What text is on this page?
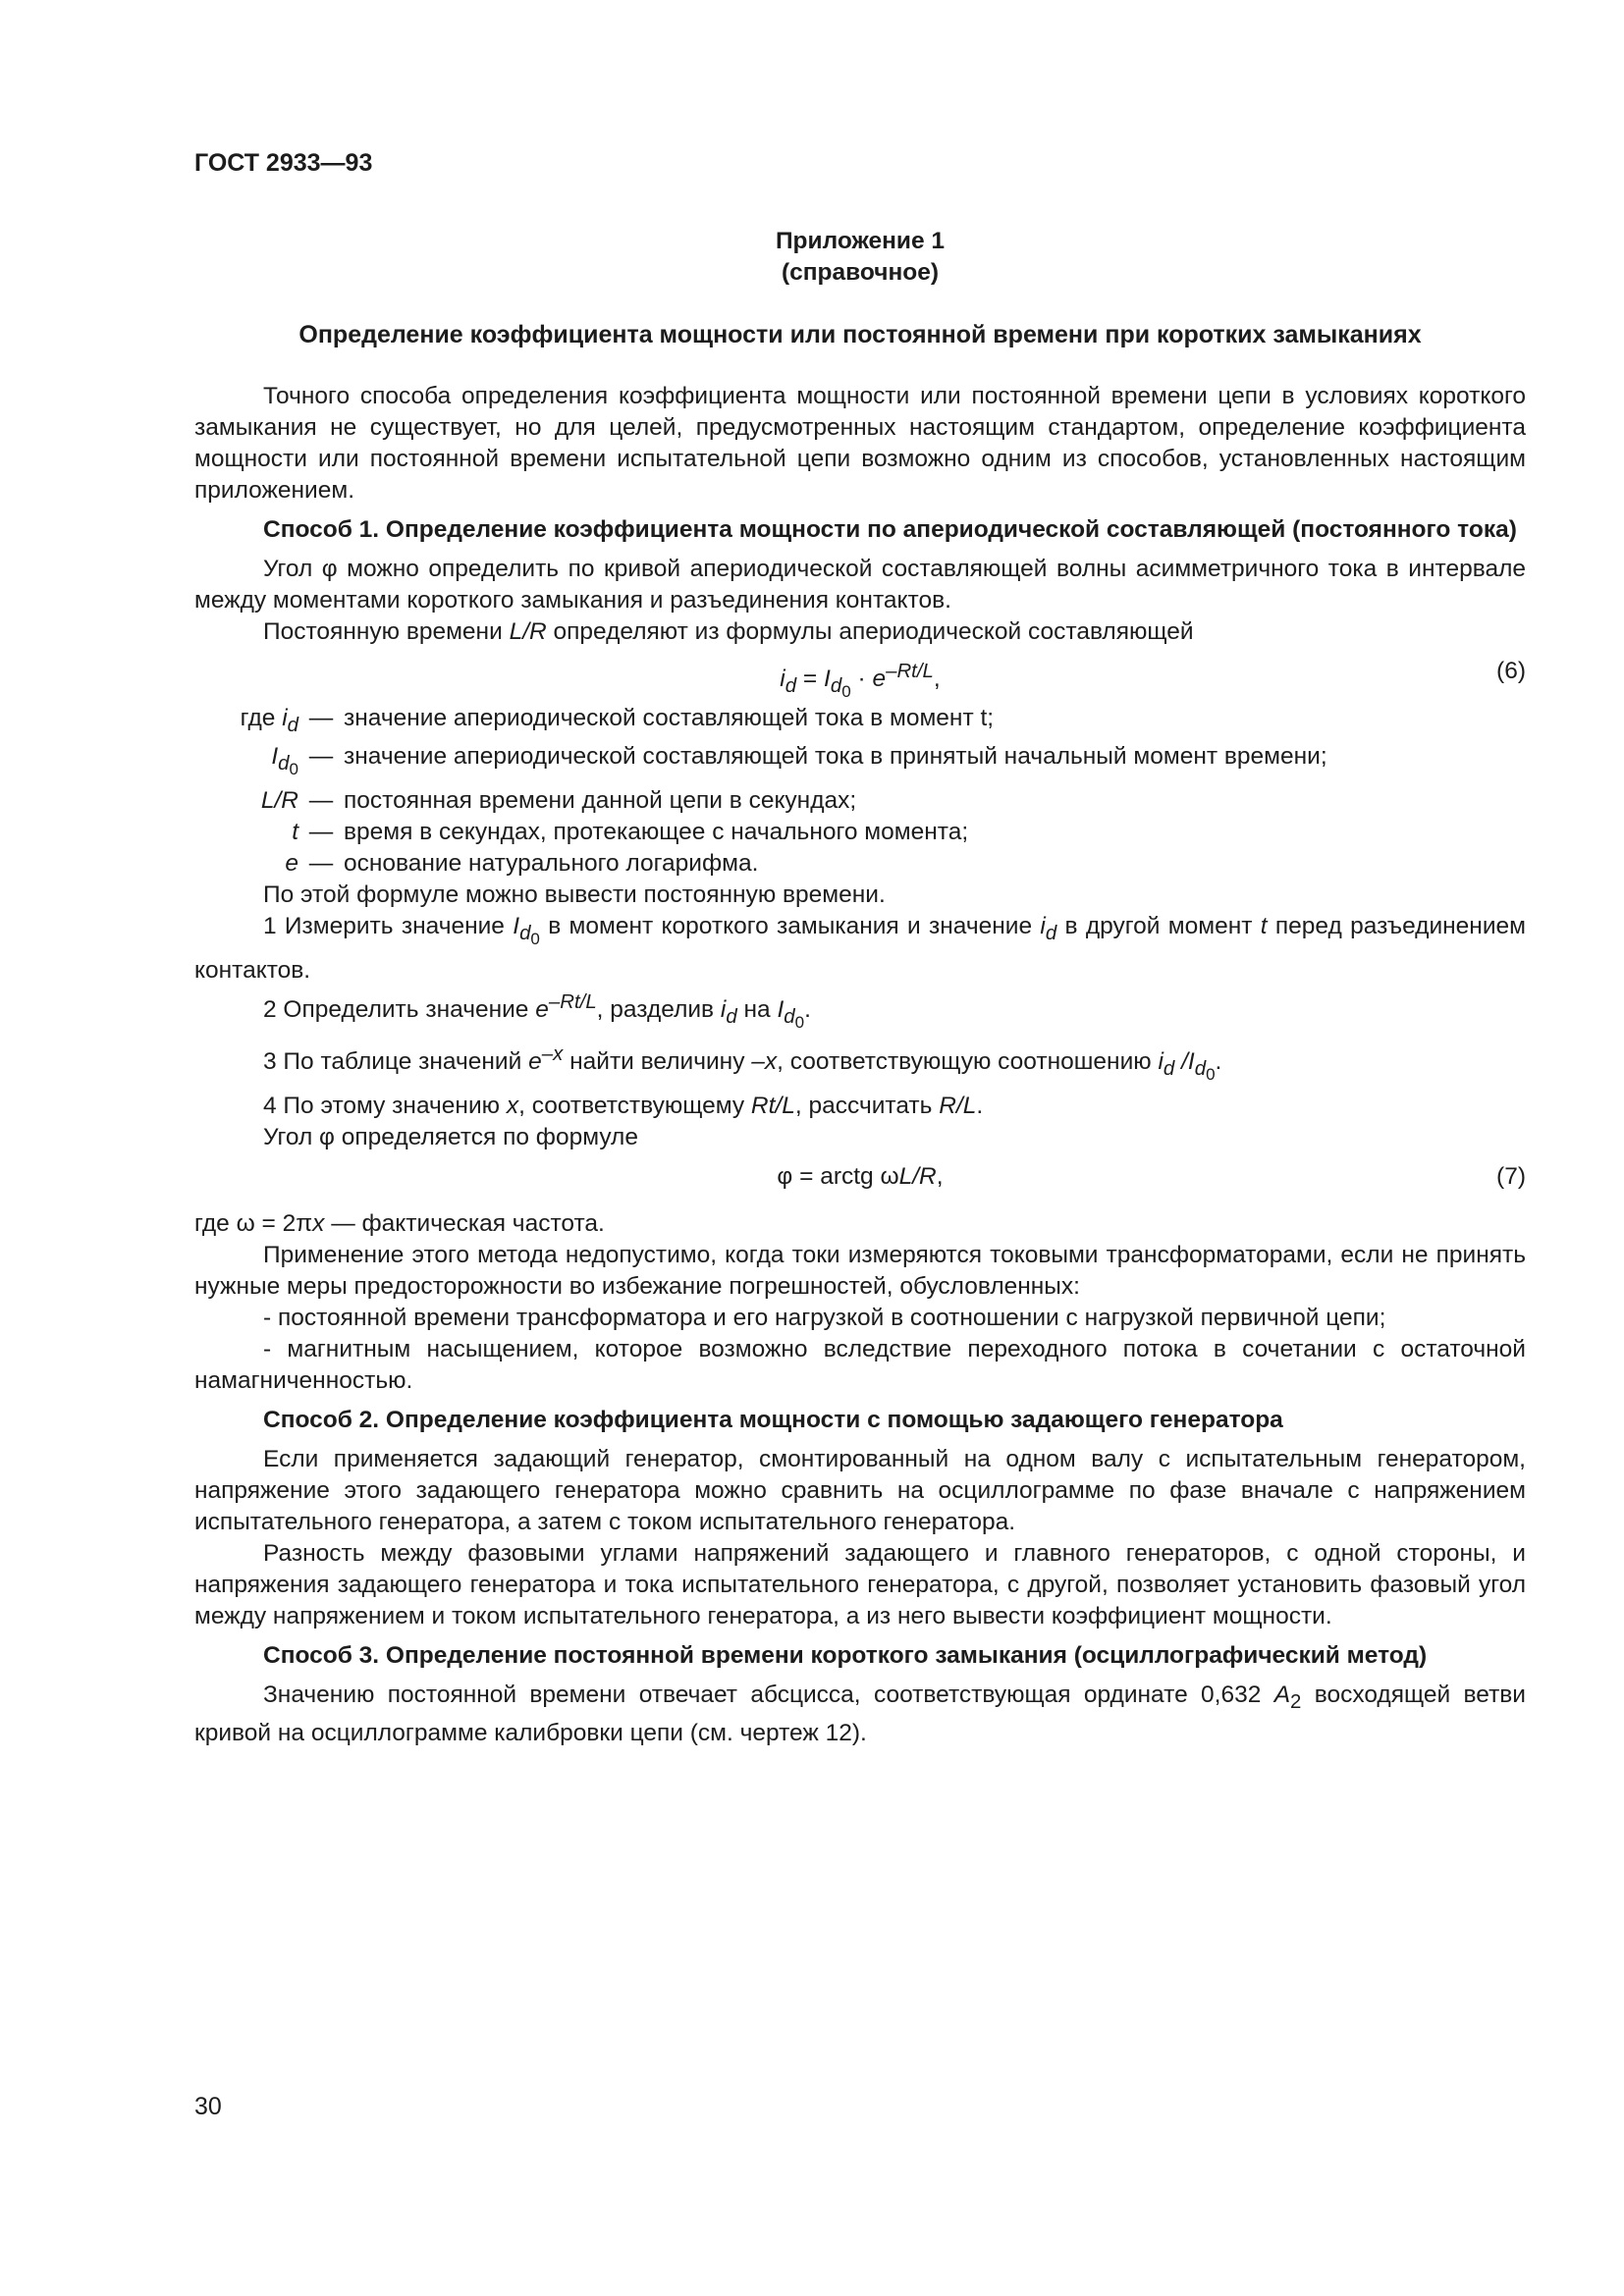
ГОСТ 2933—93
Приложение 1
(справочное)
Определение коэффициента мощности или постоянной времени при коротких замыканиях

Точного способа определения коэффициента мощности или постоянной времени цепи в условиях короткого замыкания не существует, но для целей, предусмотренных настоящим стандартом, определение коэффициента мощности или постоянной времени испытательной цепи возможно одним из способов, установленных настоящим приложением.

Способ 1. Определение коэффициента мощности по апериодической составляющей (постоянного тока)

Угол φ можно определить по кривой апериодической составляющей волны асимметричного тока в интервале между моментами короткого замыкания и разъединения контактов.

Постоянную времени L/R определяют из формулы апериодической составляющей

$i_d = I_{d_0} \cdot e^{-Rt/L}$,	(6)
где $i_d$ — значение апериодической составляющей тока в момент t;
$I_{d_0}$ — значение апериодической составляющей тока в принятый начальный момент времени;
L/R — постоянная времени данной цепи в секундах;
t — время в секундах, протекающее с начального момента;
e — основание натурального логарифма.

По этой формуле можно вывести постоянную времени.

1 Измерить значение $I_{d_0}$ в момент короткого замыкания и значение $i_d$ в другой момент t перед разъединением контактов.

2 Определить значение $e^{-Rt/L}$, разделив $i_d$ на $I_{d_0}$.

3 По таблице значений $e^{-x}$ найти величину –x, соответствующую соотношению $i_d$ $/I_{d_0}$.

4 По этому значению x, соответствующему Rt/L, рассчитать R/L.

Угол φ определяется по формуле

φ = arctg ωL/R,	(7)

где ω = 2πx — фактическая частота.

Применение этого метода недопустимо, когда токи измеряются токовыми трансформаторами, если не принять нужные меры предосторожности во избежание погрешностей, обусловленных:

- постоянной времени трансформатора и его нагрузкой в соотношении с нагрузкой первичной цепи;

- магнитным насыщением, которое возможно вследствие переходного потока в сочетании с остаточной намагниченностью.

Способ 2. Определение коэффициента мощности с помощью задающего генератора

Если применяется задающий генератор, смонтированный на одном валу с испытательным генератором, напряжение этого задающего генератора можно сравнить на осциллограмме по фазе вначале с напряжением испытательного генератора, а затем с током испытательного генератора.

Разность между фазовыми углами напряжений задающего и главного генераторов, с одной стороны, и напряжения задающего генератора и тока испытательного генератора, с другой, позволяет установить фазовый угол между напряжением и током испытательного генератора, а из него вывести коэффициент мощности.

Способ 3. Определение постоянной времени короткого замыкания (осциллографический метод)

Значению постоянной времени отвечает абсцисса, соответствующая ординате 0,632 $A_2$ восходящей ветви кривой на осциллограмме калибровки цепи (см. чертеж 12).

30
